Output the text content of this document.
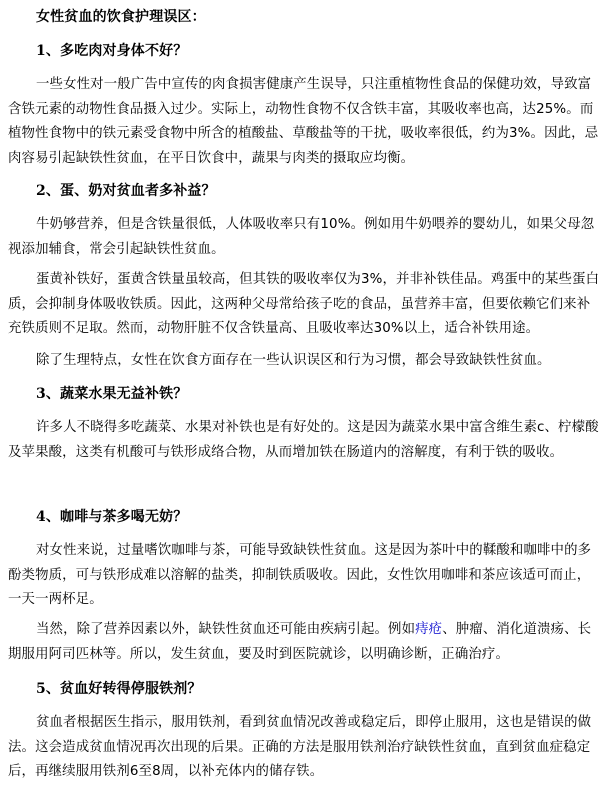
女性贫血的饮食护理误区：
1、多吃肉对身体不好？

一些女性对一般广告中宣传的肉食损害健康产生误导，只注重植物性食品的保健功效，导致富含铁元素的动物性食品摄入过少。实际上，动物性食物不仅含铁丰富，其吸收率也高，达25%。而植物性食物中的铁元素受食物中所含的植酸盐、草酸盐等的干扰，吸收率很低，约为3%。因此，忌肉容易引起缺铁性贫血，在平日饮食中，蔬果与肉类的摄取应均衡。

2、蛋、奶对贫血者多补益？

牛奶够营养，但是含铁量很低，人体吸收率只有10%。例如用牛奶喂养的婴幼儿，如果父母忽视添加辅食，常会引起缺铁性贫血。

蛋黄补铁好，蛋黄含铁量虽较高，但其铁的吸收率仅为3%，并非补铁佳品。鸡蛋中的某些蛋白质，会抑制身体吸收铁质。因此，这两种父母常给孩子吃的食品，虽营养丰富，但要依赖它们来补充铁质则不足取。然而，动物肝脏不仅含铁量高、且吸收率达30%以上，适合补铁用途。

除了生理特点，女性在饮食方面存在一些认识误区和行为习惯，都会导致缺铁性贫血。

3、蔬菜水果无益补铁？

许多人不晓得多吃蔬菜、水果对补铁也是有好处的。这是因为蔬菜水果中富含维生素c、柠檬酸及苹果酸，这类有机酸可与铁形成络合物，从而增加铁在肠道内的溶解度，有利于铁的吸收。

4、咖啡与茶多喝无妨？

对女性来说，过量嗜饮咖啡与茶，可能导致缺铁性贫血。这是因为茶叶中的鞣酸和咖啡中的多酚类物质，可与铁形成难以溶解的盐类，抑制铁质吸收。因此，女性饮用咖啡和茶应该适可而止，一天一两杯足。

当然，除了营养因素以外，缺铁性贫血还可能由疾病引起。例如痔疮、肿瘤、消化道溃疡、长期服用阿司匹林等。所以，发生贫血，要及时到医院就诊，以明确诊断，正确治疗。

5、贫血好转得停服铁剂？

贫血者根据医生指示，服用铁剂，看到贫血情况改善或稳定后，即停止服用，这也是错误的做法。这会造成贫血情况再次出现的后果。正确的方法是服用铁剂治疗缺铁性贫血，直到贫血症稳定后，再继续服用铁剂6至8周，以补充体内的储存铁。
